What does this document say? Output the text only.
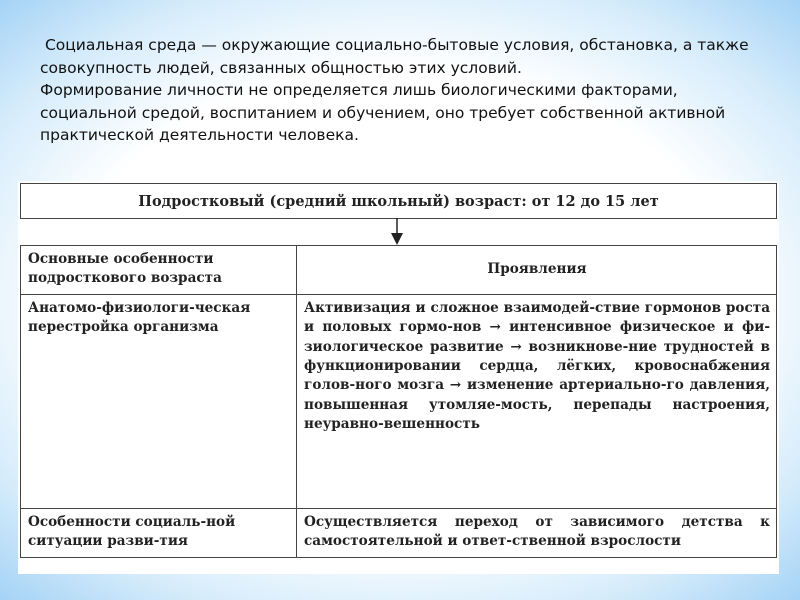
Социальная среда — окружающие социально-бытовые условия, обстановка, а также совокупность людей, связанных общностью этих условий.

Формирование личности не определяется лишь биологическими факторами, социальной средой, воспитанием и обучением, оно требует собственной активной практической деятельности человека.

Подростковый (средний школьный) возраст: от 12 до 15 лет
Основные особенности подросткового возраста	Проявления
Анатомо-физиологи-ческая перестройка организма	Активизация и сложное взаимодей-ствие гормонов роста и половых гормо-нов → интенсивное физическое и фи-зиологическое развитие → возникнове-ние трудностей в функционировании сердца, лёгких, кровоснабжения голов-ного мозга → изменение артериально-го давления, повышенная утомляе-мость, перепады настроения, неуравно-вешенность
Особенности социаль-ной ситуации разви-тия	Осуществляется переход от зависимого детства к самостоятельной и ответ-ственной взрослости
